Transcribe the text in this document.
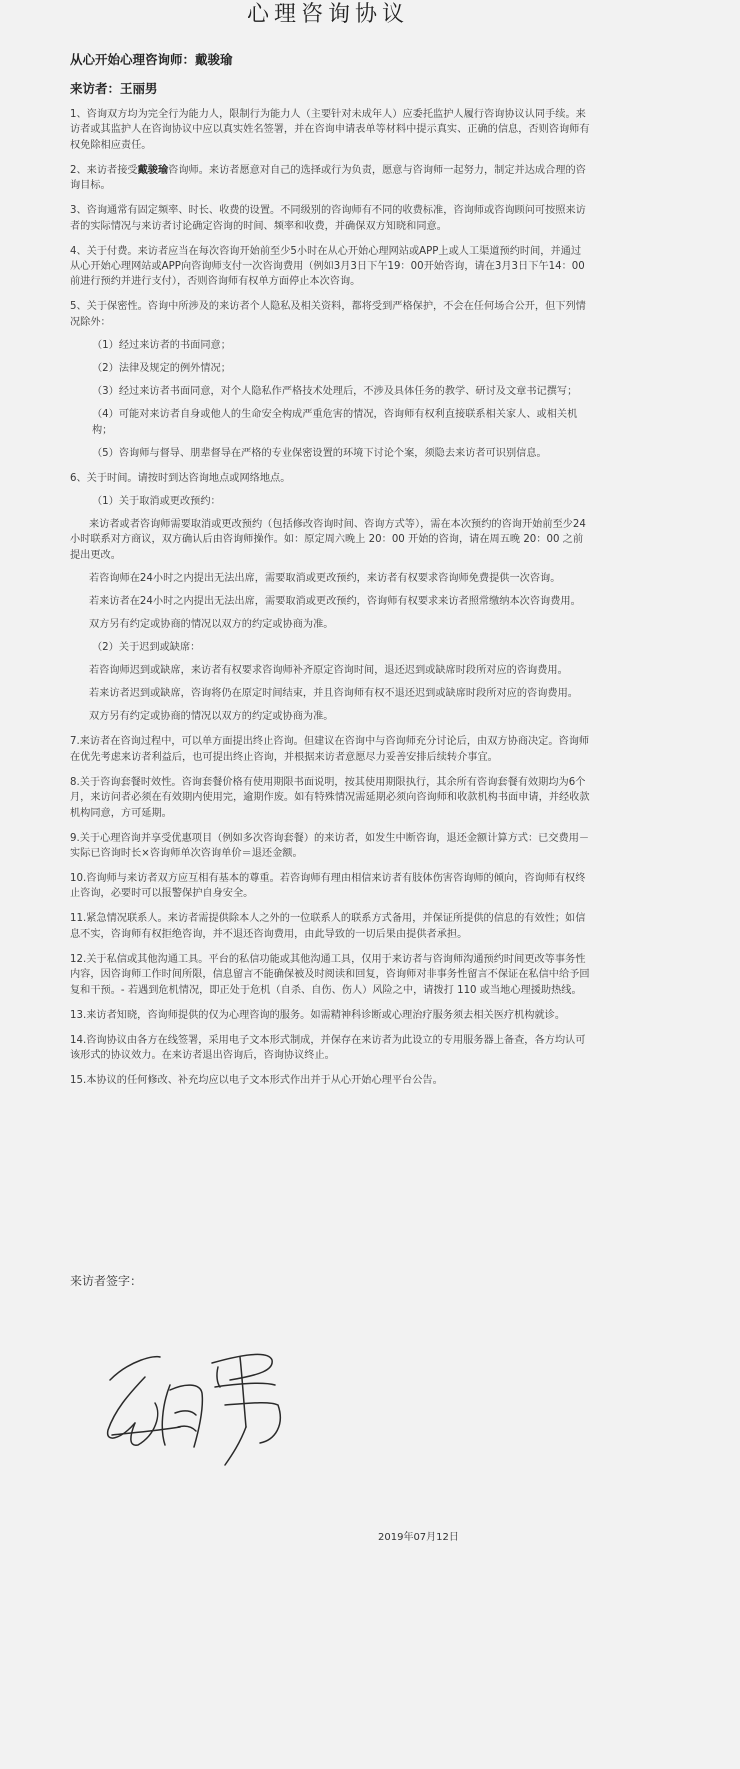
心理咨询协议
从心开始心理咨询师：戴骏瑜
来访者：王丽男

1、咨询双方均为完全行为能力人，限制行为能力人（主要针对未成年人）应委托监护人履行咨询协议认同手续。来访者或其监护人在咨询协议中应以真实姓名签署，并在咨询申请表单等材料中提示真实、正确的信息，否则咨询师有权免除相应责任。

2、来访者接受戴骏瑜咨询师。来访者愿意对自己的选择或行为负责，愿意与咨询师一起努力，制定并达成合理的咨询目标。

3、咨询通常有固定频率、时长、收费的设置。不同级别的咨询师有不同的收费标准，咨询师或咨询顾问可按照来访者的实际情况与来访者讨论确定咨询的时间、频率和收费，并确保双方知晓和同意。

4、关于付费。来访者应当在每次咨询开始前至少5小时在从心开始心理网站或APP上或人工渠道预约时间，并通过从心开始心理网站或APP向咨询师支付一次咨询费用（例如3月3日下午19：00开始咨询，请在3月3日下午14：00前进行预约并进行支付），否则咨询师有权单方面停止本次咨询。

5、关于保密性。咨询中所涉及的来访者个人隐私及相关资料，都将受到严格保护，不会在任何场合公开，但下列情况除外：

（1）经过来访者的书面同意；

（2）法律及规定的例外情况；

（3）经过来访者书面同意，对个人隐私作严格技术处理后，不涉及具体任务的教学、研讨及文章书记撰写；

（4）可能对来访者自身或他人的生命安全构成严重危害的情况，咨询师有权利直接联系相关家人、或相关机构；

（5）咨询师与督导、朋辈督导在严格的专业保密设置的环境下讨论个案，须隐去来访者可识别信息。

6、关于时间。请按时到达咨询地点或网络地点。

（1）关于取消或更改预约：

来访者或者咨询师需要取消或更改预约（包括修改咨询时间、咨询方式等），需在本次预约的咨询开始前至少24小时联系对方商议，双方确认后由咨询师操作。如：原定周六晚上 20：00 开始的咨询，请在周五晚 20：00 之前提出更改。

若咨询师在24小时之内提出无法出席，需要取消或更改预约，来访者有权要求咨询师免费提供一次咨询。

若来访者在24小时之内提出无法出席，需要取消或更改预约，咨询师有权要求来访者照常缴纳本次咨询费用。

双方另有约定或协商的情况以双方的约定或协商为准。

（2）关于迟到或缺席：

若咨询师迟到或缺席，来访者有权要求咨询师补齐原定咨询时间，退还迟到或缺席时段所对应的咨询费用。

若来访者迟到或缺席，咨询将仍在原定时间结束，并且咨询师有权不退还迟到或缺席时段所对应的咨询费用。

双方另有约定或协商的情况以双方的约定或协商为准。

7.来访者在咨询过程中，可以单方面提出终止咨询。但建议在咨询中与咨询师充分讨论后，由双方协商决定。咨询师在优先考虑来访者利益后，也可提出终止咨询，并根据来访者意愿尽力妥善安排后续转介事宜。

8.关于咨询套餐时效性。咨询套餐价格有使用期限书面说明，按其使用期限执行，其余所有咨询套餐有效期均为6个月，来访问者必须在有效期内使用完，逾期作废。如有特殊情况需延期必须向咨询师和收款机构书面申请，并经收款机构同意，方可延期。

9.关于心理咨询并享受优惠项目（例如多次咨询套餐）的来访者，如发生中断咨询，退还金额计算方式：已交费用－实际已咨询时长×咨询师单次咨询单价＝退还金额。

10.咨询师与来访者双方应互相有基本的尊重。若咨询师有理由相信来访者有肢体伤害咨询师的倾向，咨询师有权终止咨询，必要时可以报警保护自身安全。

11.紧急情况联系人。来访者需提供除本人之外的一位联系人的联系方式备用，并保证所提供的信息的有效性；如信息不实，咨询师有权拒绝咨询，并不退还咨询费用，由此导致的一切后果由提供者承担。

12.关于私信或其他沟通工具。平台的私信功能或其他沟通工具，仅用于来访者与咨询师沟通预约时间更改等事务性内容，因咨询师工作时间所限，信息留言不能确保被及时阅读和回复，咨询师对非事务性留言不保证在私信中给予回复和干预。- 若遇到危机情况，即正处于危机（自杀、自伤、伤人）风险之中，请拨打 110 或当地心理援助热线。

13.来访者知晓，咨询师提供的仅为心理咨询的服务。如需精神科诊断或心理治疗服务须去相关医疗机构就诊。

14.咨询协议由各方在线签署，采用电子文本形式制成，并保存在来访者为此设立的专用服务器上备查，各方均认可该形式的协议效力。在来访者退出咨询后，咨询协议终止。

15.本协议的任何修改、补充均应以电子文本形式作出并于从心开始心理平台公告。

来访者签字：
2019年07月12日
